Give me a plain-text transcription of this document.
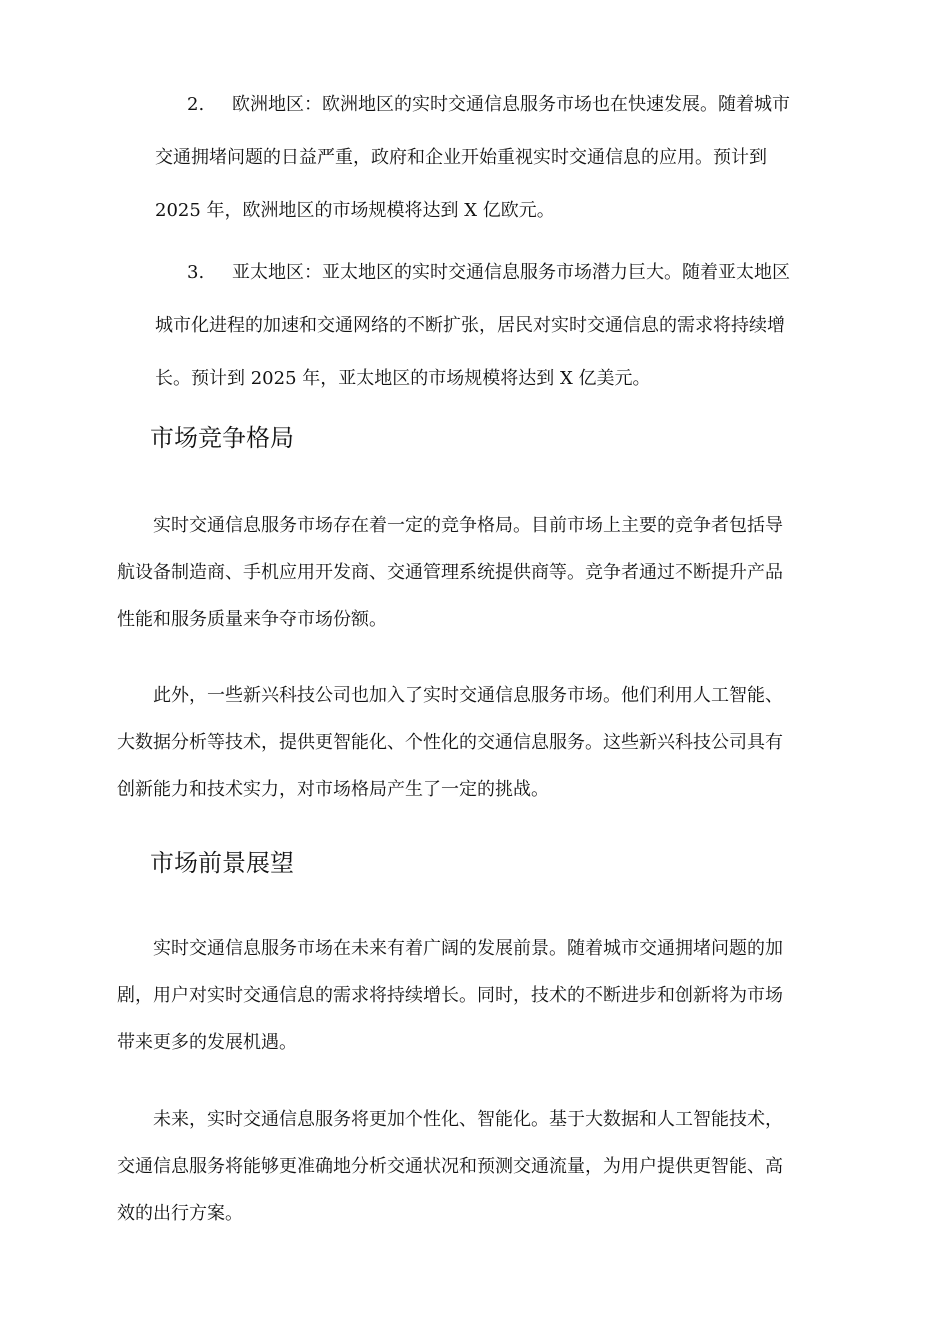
2.	欧洲地区：欧洲地区的实时交通信息服务市场也在快速发展。随着城市
交通拥堵问题的日益严重，政府和企业开始重视实时交通信息的应用。预计到
2025 年，欧洲地区的市场规模将达到 X 亿欧元。
3.	亚太地区：亚太地区的实时交通信息服务市场潜力巨大。随着亚太地区
城市化进程的加速和交通网络的不断扩张，居民对实时交通信息的需求将持续增
长。预计到 2025 年，亚太地区的市场规模将达到 X 亿美元。
市场竞争格局
实时交通信息服务市场存在着一定的竞争格局。目前市场上主要的竞争者包括导
航设备制造商、手机应用开发商、交通管理系统提供商等。竞争者通过不断提升产品
性能和服务质量来争夺市场份额。
此外，一些新兴科技公司也加入了实时交通信息服务市场。他们利用人工智能、
大数据分析等技术，提供更智能化、个性化的交通信息服务。这些新兴科技公司具有
创新能力和技术实力，对市场格局产生了一定的挑战。
市场前景展望
实时交通信息服务市场在未来有着广阔的发展前景。随着城市交通拥堵问题的加
剧，用户对实时交通信息的需求将持续增长。同时，技术的不断进步和创新将为市场
带来更多的发展机遇。
未来，实时交通信息服务将更加个性化、智能化。基于大数据和人工智能技术，
交通信息服务将能够更准确地分析交通状况和预测交通流量，为用户提供更智能、高
效的出行方案。
